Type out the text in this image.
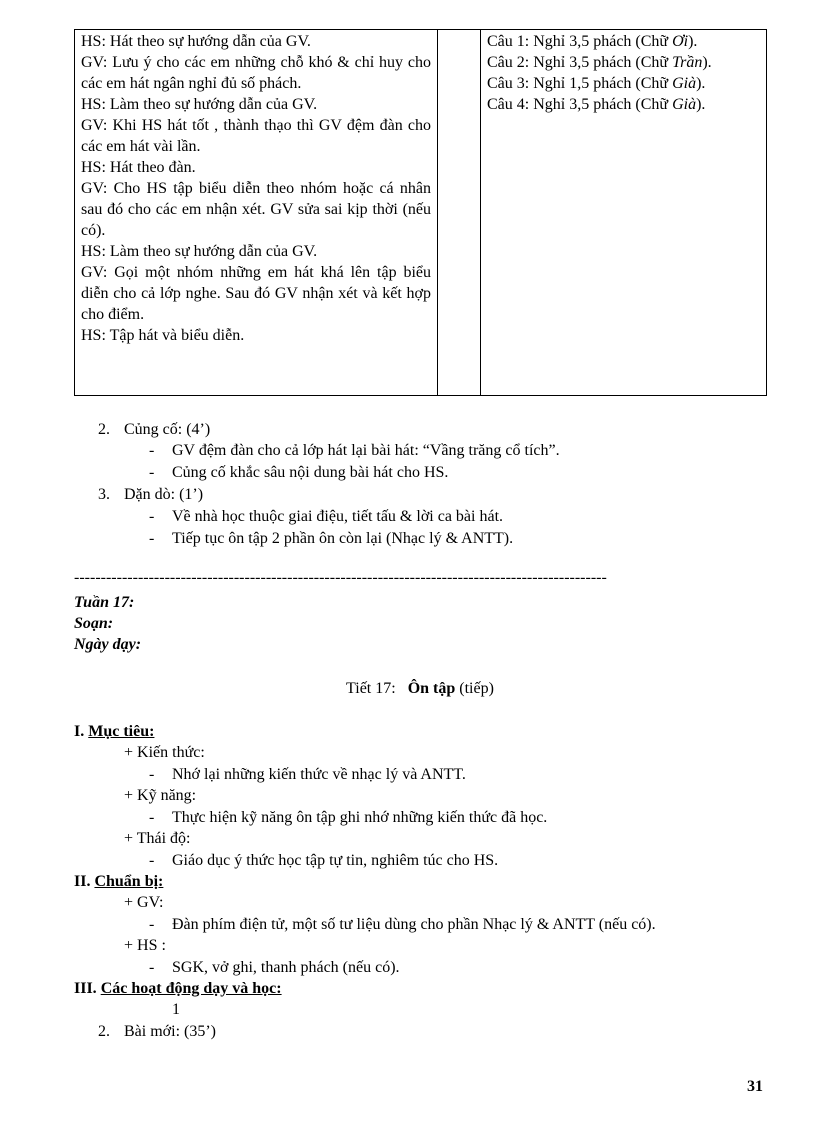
HS: Hát theo sự hướng dẫn của GV.
GV: Lưu ý cho các em những chỗ khó & chỉ huy cho các em hát ngân nghỉ đủ số phách.
HS: Làm theo sự hướng dẫn của GV.
GV: Khi HS hát tốt , thành thạo thì GV đệm đàn cho các em hát vài lần.
HS: Hát theo đàn.
GV: Cho HS tập biểu diễn theo nhóm hoặc cá nhân sau đó cho các em nhận xét. GV sửa sai kịp thời (nếu có).
HS: Làm theo sự hướng dẫn của GV.
GV: Gọi một nhóm những em hát khá lên tập biểu diễn cho cả lớp nghe. Sau đó GV nhận xét và kết hợp cho điểm.
HS: Tập hát và biểu diễn.

Câu 1: Nghỉ 3,5 phách (Chữ Ơi).
Câu 2: Nghỉ 3,5 phách (Chữ Trần).
Câu 3: Nghỉ 1,5 phách (Chữ Già).
Câu 4: Nghỉ 3,5 phách (Chữ Già).
2. Củng cố: (4’)
- GV đệm đàn cho cả lớp hát lại bài hát: “Vầng trăng cổ tích”.
- Củng cố khắc sâu nội dung bài hát cho HS.
3. Dặn dò: (1’)
- Về nhà học thuộc giai điệu, tiết tấu & lời ca bài hát.
- Tiếp tục ôn tập 2 phần ôn còn lại (Nhạc lý & ANTT).
----------------------------------------------------------------------------------------------------
Tuần 17:
Soạn:
Ngày dạy:
Tiết 17: Ôn tập (tiếp)
I. Mục tiêu:
+ Kiến thức:
- Nhớ lại những kiến thức về nhạc lý và ANTT.
+ Kỹ năng:
- Thực hiện kỹ năng ôn tập ghi nhớ những kiến thức đã học.
+ Thái độ:
- Giáo dục ý thức học tập tự tin, nghiêm túc cho HS.
II. Chuẩn bị:
+ GV:
- Đàn phím điện tử, một số tư liệu dùng cho phần Nhạc lý & ANTT (nếu có).
+ HS :
- SGK, vở ghi, thanh phách (nếu có).
III. Các hoạt động dạy và học:
1
2. Bài mới: (35’)
31
